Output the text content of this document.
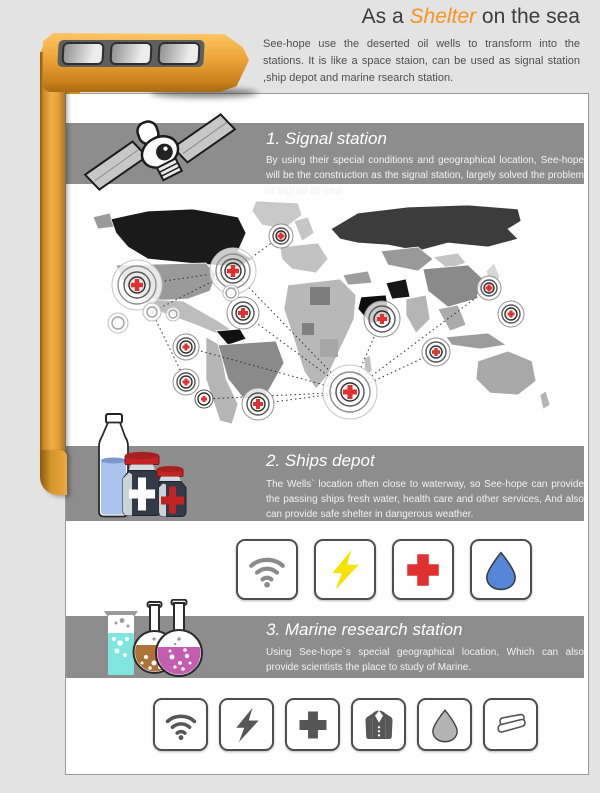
As a Shelter on the sea
See-hope use the deserted oil wells to transform into the stations. It is like a space staion, can be used as signal station ,ship depot and marine rsearch station.
1. Signal station
By using their special conditions and geographical location, See-hope will be the construction as the signal station, largely solved the problem of signal at sea
2. Ships depot
The Wells` location often close to waterway, so See-hope can provide the passing ships fresh water, health care and other services, And also can provide safe shelter in dangerous weather.
3. Marine research station
Using See-hope`s special geographical location, Which can also provide scientists the place to study of Marine.
